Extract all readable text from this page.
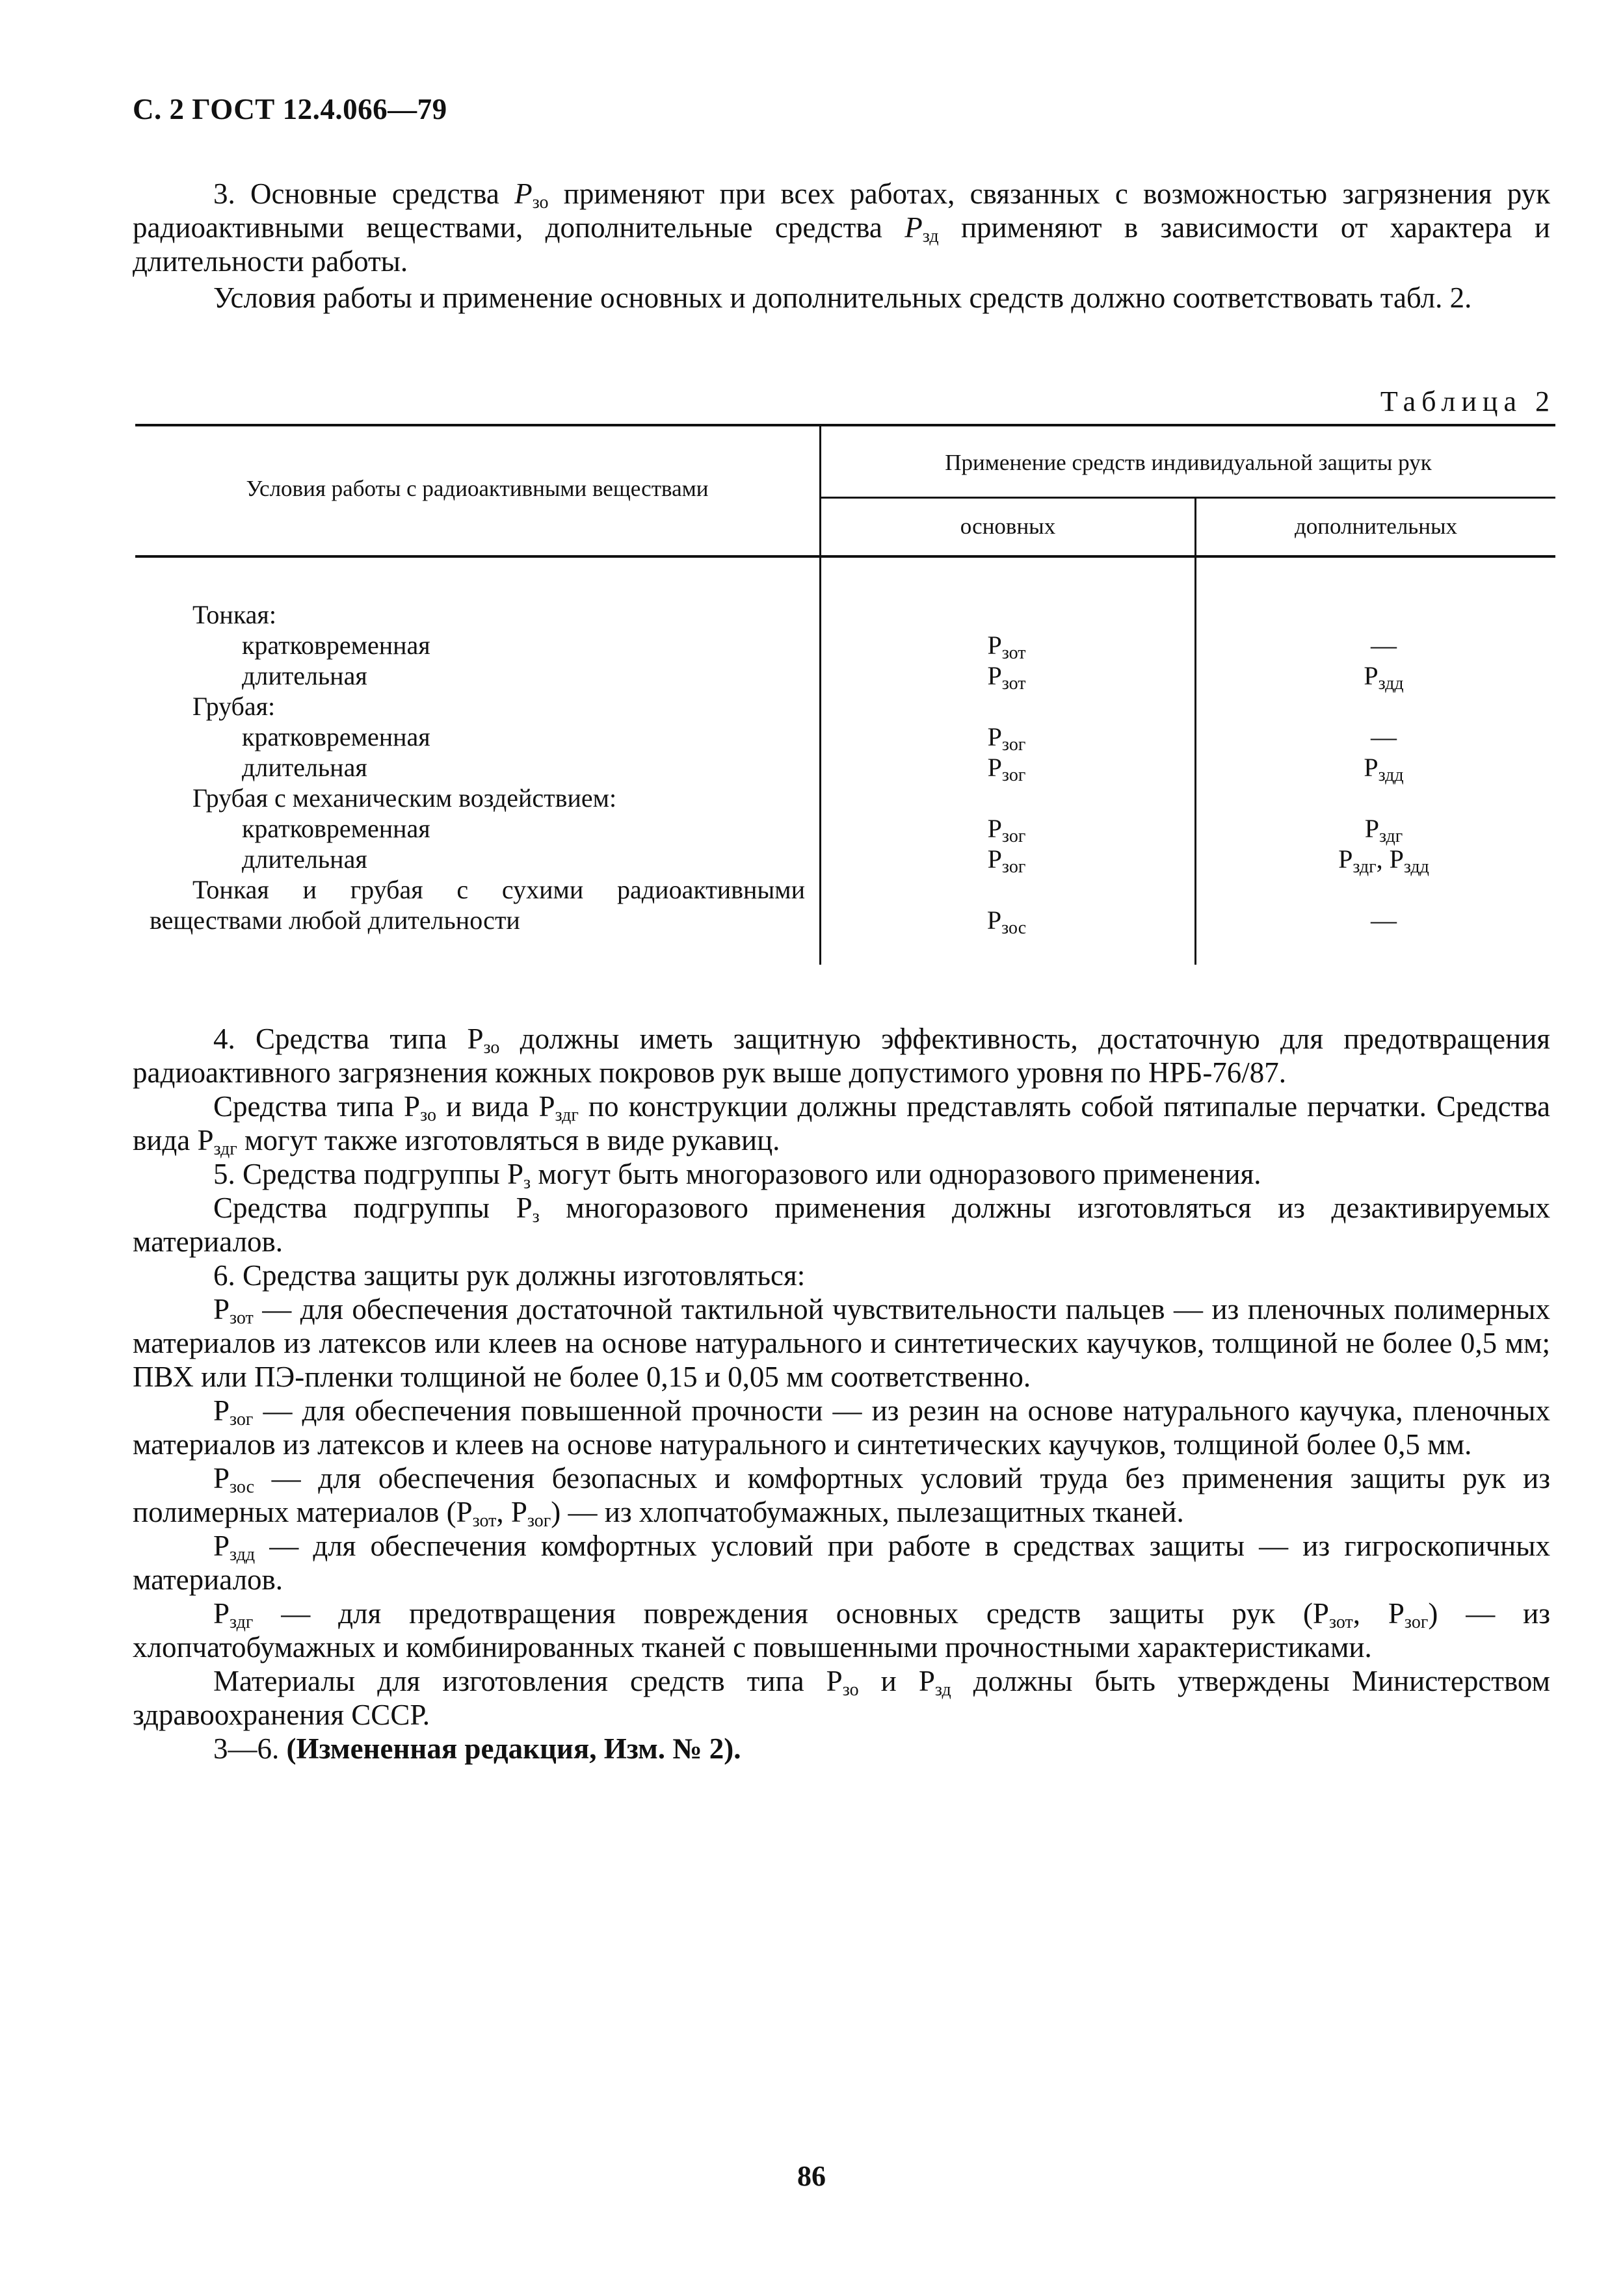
С. 2 ГОСТ 12.4.066—79

3. Основные средства $Р_{зо}$ применяют при всех работах, связанных с возможностью загрязнения рук радиоактивными веществами, дополнительные средства $Р_{зд}$ применяют в зависимости от характера и длительности работы.

Условия работы и применение основных и дополнительных средств должно соответствовать табл. 2.

Таблица 2
Условия работы с радиоактивными веществами
Применение средств индивидуальной защиты рук
основных	дополнительных
Тонкая:
кратковременная	$Р_{зот}$	—
длительная	$Р_{зот}$	$Р_{здд}$
Грубая:
кратковременная	$Р_{зог}$	—
длительная	$Р_{зог}$	$Р_{здд}$
Грубая с механическим воздействием:
кратковременная	$Р_{зог}$	$Р_{здг}$
длительная	$Р_{зог}$	$Р_{здг}$, $Р_{здд}$
Тонкая и грубая с сухими радиоактивными
веществами любой длительности	$Р_{зос}$	—

4. Средства типа $Р_{зо}$ должны иметь защитную эффективность, достаточную для предотвращения радиоактивного загрязнения кожных покровов рук выше допустимого уровня по НРБ-76/87.

Средства типа $Р_{зо}$ и вида $Р_{здг}$ по конструкции должны представлять собой пятипалые перчатки. Средства вида $Р_{здг}$ могут также изготовляться в виде рукавиц.

5. Средства подгруппы $Р_з$ могут быть многоразового или одноразового применения.

Средства подгруппы $Р_з$ многоразового применения должны изготовляться из дезактивируемых материалов.

6. Средства защиты рук должны изготовляться:

$Р_{зот}$ — для обеспечения достаточной тактильной чувствительности пальцев — из пленочных полимерных материалов из латексов или клеев на основе натурального и синтетических каучуков, толщиной не более 0,5 мм; ПВХ или ПЭ-пленки толщиной не более 0,15 и 0,05 мм соответственно.

$Р_{зог}$ — для обеспечения повышенной прочности — из резин на основе натурального каучука, пленочных материалов из латексов и клеев на основе натурального и синтетических каучуков, толщиной более 0,5 мм.

$Р_{зос}$ — для обеспечения безопасных и комфортных условий труда без применения защиты рук из полимерных материалов ($Р_{зот}$, $Р_{зог}$) — из хлопчатобумажных, пылезащитных тканей.

$Р_{здд}$ — для обеспечения комфортных условий при работе в средствах защиты — из гигроскопичных материалов.

$Р_{здг}$ — для предотвращения повреждения основных средств защиты рук ($Р_{зот}$, $Р_{зог}$) — из хлопчатобумажных и комбинированных тканей с повышенными прочностными характеристиками.

Материалы для изготовления средств типа $Р_{зо}$ и $Р_{зд}$ должны быть утверждены Министерством здравоохранения СССР.

3—6. (Измененная редакция, Изм. № 2).

86
